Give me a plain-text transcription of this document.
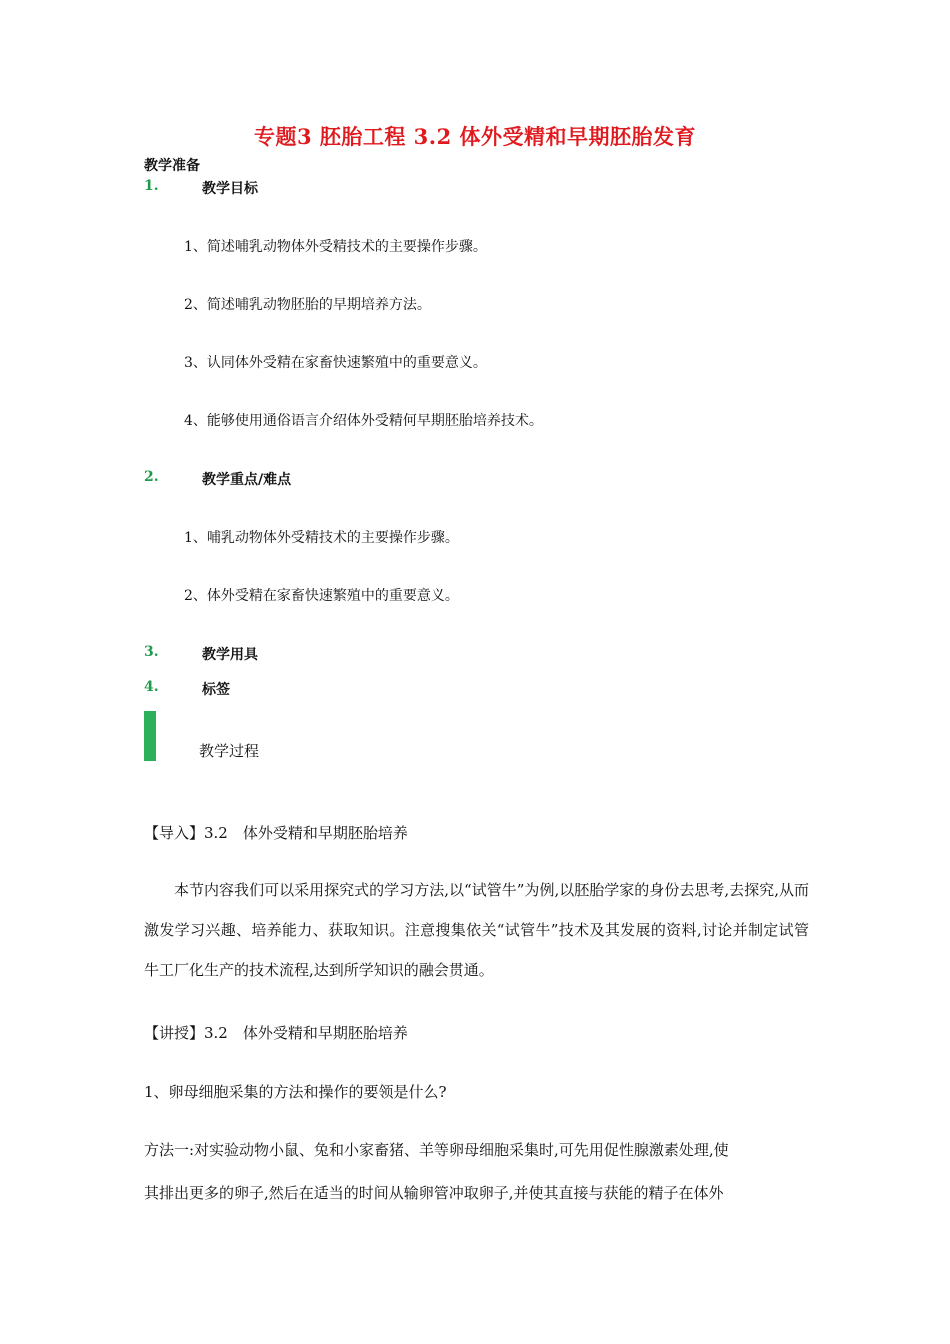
专题3 胚胎工程 3.2 体外受精和早期胚胎发育
教学准备
1.	教学目标
1、简述哺乳动物体外受精技术的主要操作步骤。
2、简述哺乳动物胚胎的早期培养方法。
3、认同体外受精在家畜快速繁殖中的重要意义。
4、能够使用通俗语言介绍体外受精何早期胚胎培养技术。
2.	教学重点/难点
1、哺乳动物体外受精技术的主要操作步骤。
2、体外受精在家畜快速繁殖中的重要意义。
3.	教学用具
4.	标签
教学过程
【导入】3.2　体外受精和早期胚胎培养
本节内容我们可以采用探究式的学习方法,以“试管牛”为例,以胚胎学家的身份去思考,去探究,从而激发学习兴趣、培养能力、获取知识。注意搜集依关“试管牛”技术及其发展的资料,讨论并制定试管牛工厂化生产的技术流程,达到所学知识的融会贯通。
【讲授】3.2　体外受精和早期胚胎培养
1、卵母细胞采集的方法和操作的要领是什么?
方法一:对实验动物小鼠、兔和小家畜猪、羊等卵母细胞采集时,可先用促性腺激素处理,使
其排出更多的卵子,然后在适当的时间从输卵管冲取卵子,并使其直接与获能的精子在体外
